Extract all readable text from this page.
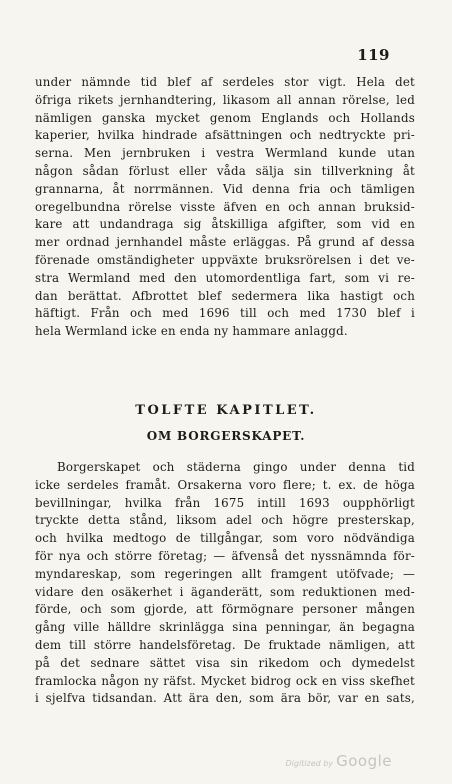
119
under nämnde tid blef af serdeles stor vigt. Hela det
öfriga rikets jernhandtering, likasom all annan rörelse, led
nämligen ganska mycket genom Englands och Hollands
kaperier, hvilka hindrade afsättningen och nedtryckte pri-
serna. Men jernbruken i vestra Wermland kunde utan
någon sådan förlust eller våda sälja sin tillverkning åt
grannarna, åt norrmännen. Vid denna fria och tämligen
oregelbundna rörelse visste äfven en och annan bruksid-
kare att undandraga sig åtskilliga afgifter, som vid en
mer ordnad jernhandel måste erläggas. På grund af dessa
förenade omständigheter uppväxte bruksrörelsen i det ve-
stra Wermland med den utomordentliga fart, som vi re-
dan berättat. Afbrottet blef sedermera lika hastigt och
häftigt. Från och med 1696 till och med 1730 blef i
hela Wermland icke en enda ny hammare anlaggd.
TOLFTE KAPITLET.
OM BORGERSKAPET.
Borgerskapet och städerna gingo under denna tid
icke serdeles framåt. Orsakerna voro flere; t. ex. de höga
bevillningar, hvilka från 1675 intill 1693 oupphörligt
tryckte detta stånd, liksom adel och högre presterskap,
och hvilka medtogo de tillgångar, som voro nödvändiga
för nya och större företag; — äfvenså det nyssnämnda för-
myndareskap, som regeringen allt framgent utöfvade; —
vidare den osäkerhet i äganderätt, som reduktionen med-
förde, och som gjorde, att förmögnare personer mången
gång ville hälldre skrinlägga sina penningar, än begagna
dem till större handelsföretag. De fruktade nämligen, att
på det sednare sättet visa sin rikedom och dymedelst
framlocka någon ny räfst. Mycket bidrog ock en viss skefhet
i sjelfva tidsandan. Att ära den, som ära bör, var en sats,
Digitized by Google
